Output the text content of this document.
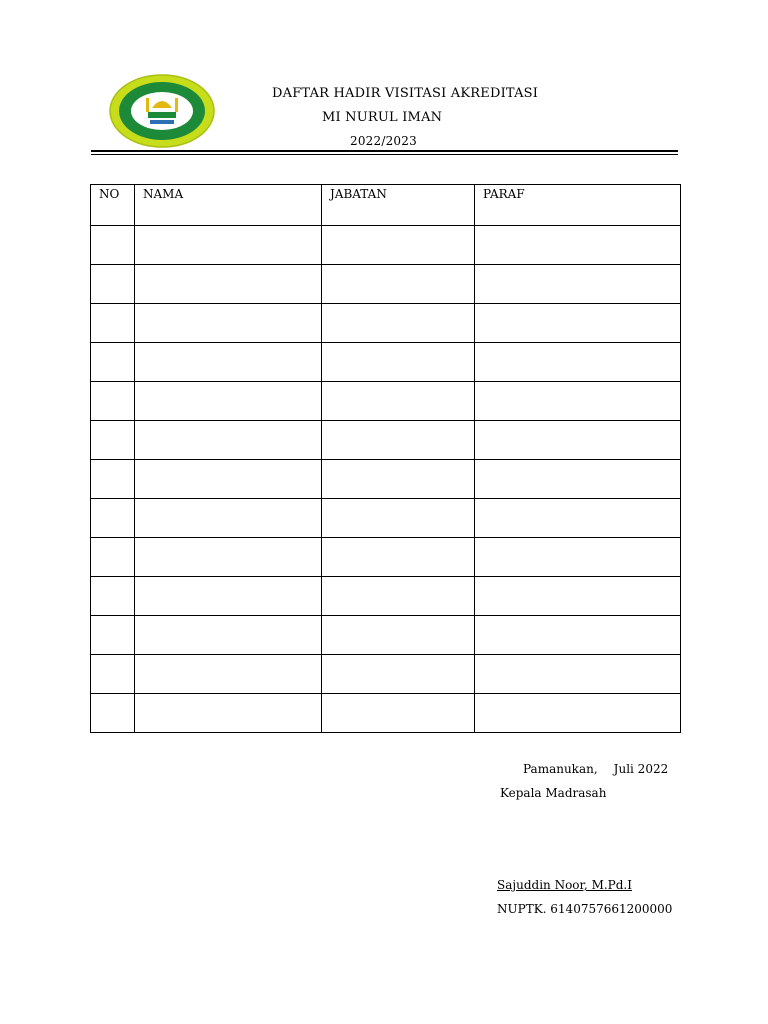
DAFTAR HADIR VISITASI AKREDITASI
MI NURUL IMAN
2022/2023
NO	NAMA	JABATAN	PARAF

Pamanukan, Juli 2022
Kepala Madrasah
Sajuddin Noor, M.Pd.I
NUPTK. 6140757661200000
